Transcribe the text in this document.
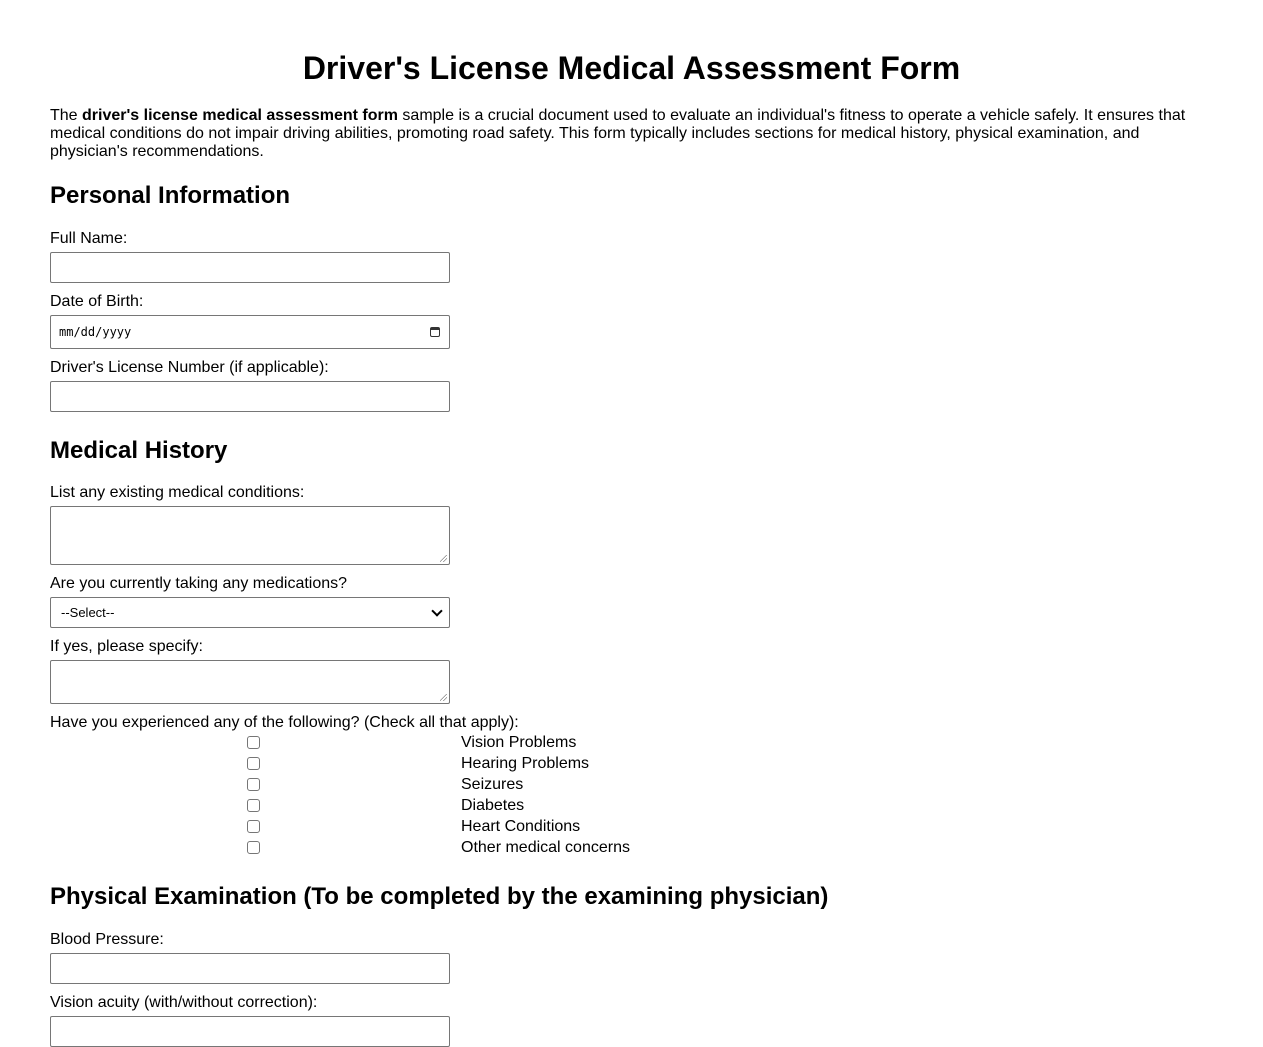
Driver's License Medical Assessment Form

The driver's license medical assessment form sample is a crucial document used to evaluate an individual's fitness to operate a vehicle safely. It ensures that medical conditions do not impair driving abilities, promoting road safety. This form typically includes sections for medical history, physical examination, and physician's recommendations.

Personal Information
Full Name:
Date of Birth:
mm/dd/yyyy
Driver's License Number (if applicable):
Medical History
List any existing medical conditions:
Are you currently taking any medications?
--Select--
If yes, please specify:
Have you experienced any of the following? (Check all that apply):
Vision Problems
Hearing Problems
Seizures
Diabetes
Heart Conditions
Other medical concerns
Physical Examination (To be completed by the examining physician)
Blood Pressure:
Vision acuity (with/without correction):
